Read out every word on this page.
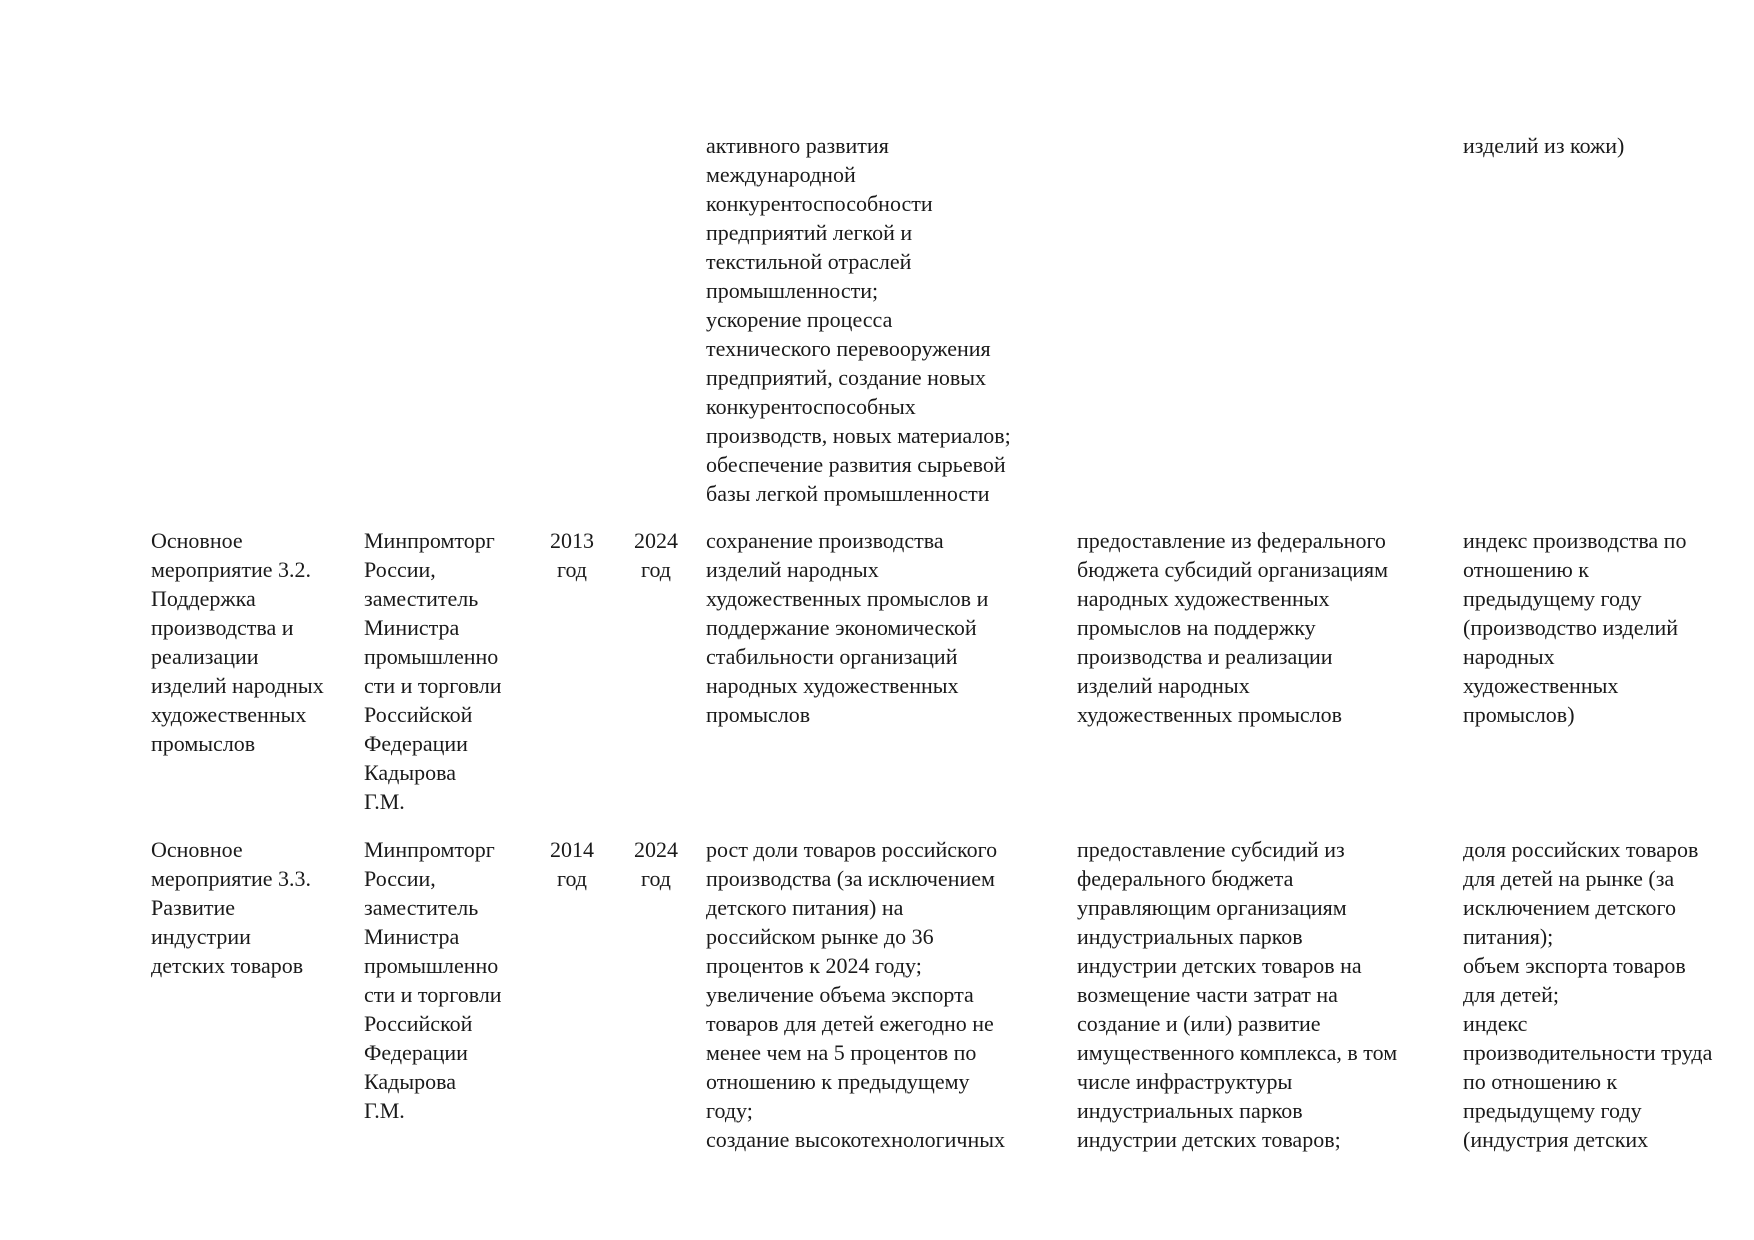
активного развития
международной
конкурентоспособности
предприятий легкой и
текстильной отраслей
промышленности;
ускорение процесса
технического перевооружения
предприятий, создание новых
конкурентоспособных
производств, новых материалов;
обеспечение развития сырьевой
базы легкой промышленности
изделий из кожи)
Основное
мероприятие 3.2.
Поддержка
производства и
реализации
изделий народных
художественных
промыслов
Минпромторг
России,
заместитель
Министра
промышленно
сти и торговли
Российской
Федерации
Кадырова
Г.М.
2013
год
2024
год
сохранение производства
изделий народных
художественных промыслов и
поддержание экономической
стабильности организаций
народных художественных
промыслов
предоставление из федерального
бюджета субсидий организациям
народных художественных
промыслов на поддержку
производства и реализации
изделий народных
художественных промыслов
индекс производства по
отношению к
предыдущему году
(производство изделий
народных
художественных
промыслов)
Основное
мероприятие 3.3.
Развитие
индустрии
детских товаров
Минпромторг
России,
заместитель
Министра
промышленно
сти и торговли
Российской
Федерации
Кадырова
Г.М.
2014
год
2024
год
рост доли товаров российского
производства (за исключением
детского питания) на
российском рынке до 36
процентов к 2024 году;
увеличение объема экспорта
товаров для детей ежегодно не
менее чем на 5 процентов по
отношению к предыдущему
году;
создание высокотехнологичных
предоставление субсидий из
федерального бюджета
управляющим организациям
индустриальных парков
индустрии детских товаров на
возмещение части затрат на
создание и (или) развитие
имущественного комплекса, в том
числе инфраструктуры
индустриальных парков
индустрии детских товаров;
доля российских товаров
для детей на рынке (за
исключением детского
питания);
объем экспорта товаров
для детей;
индекс
производительности труда
по отношению к
предыдущему году
(индустрия детских
